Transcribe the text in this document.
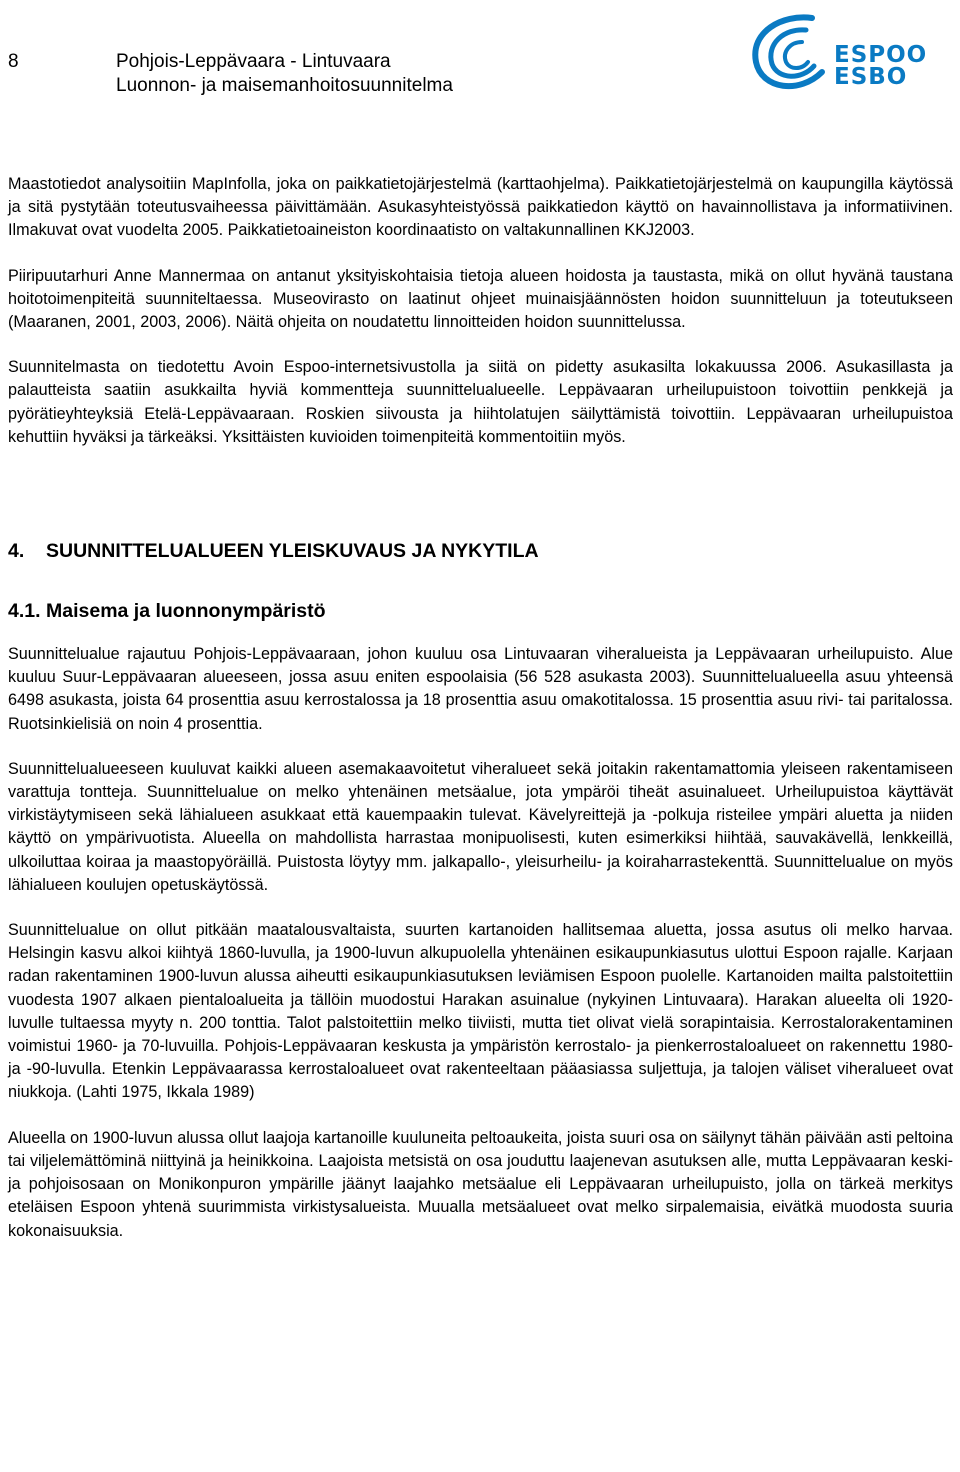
8	Pohjois-Leppävaara - Lintuvaara
Luonnon- ja maisemanhoitosuunnitelma
ESPOO
ESBO

Maastotiedot analysoitiin MapInfolla, joka on paikkatietojärjestelmä (karttaohjelma). Paikkatietojärjestelmä on kaupungilla käytössä ja sitä pystytään toteutusvaiheessa päivittämään. Asukasyhteistyössä paikkatiedon käyttö on havainnollistava ja informatiivinen. Ilmakuvat ovat vuodelta 2005. Paikkatietoaineiston koordinaatisto on valtakunnallinen KKJ2003.

Piiripuutarhuri Anne Mannermaa on antanut yksityiskohtaisia tietoja alueen hoidosta ja taustasta, mikä on ollut hyvänä taustana hoitotoimenpiteitä suunniteltaessa. Museovirasto on laatinut ohjeet muinaisjäännösten hoidon suunnitteluun ja toteutukseen (Maaranen, 2001, 2003, 2006). Näitä ohjeita on noudatettu linnoitteiden hoidon suunnittelussa.

Suunnitelmasta on tiedotettu Avoin Espoo-internetsivustolla ja siitä on pidetty asukasilta lokakuussa 2006. Asukasillasta ja palautteista saatiin asukkailta hyviä kommentteja suunnittelualueelle. Leppävaaran urheilupuistoon toivottiin penkkejä ja pyörätieyhteyksiä Etelä-Leppävaaraan. Roskien siivousta ja hiihtolatujen säilyttämistä toivottiin. Leppävaaran urheilupuistoa kehuttiin hyväksi ja tärkeäksi. Yksittäisten kuvioiden toimenpiteitä kommentoitiin myös.

4. SUUNNITTELUALUEEN YLEISKUVAUS JA NYKYTILA
4.1. Maisema ja luonnonympäristö

Suunnittelualue rajautuu Pohjois-Leppävaaraan, johon kuuluu osa Lintuvaaran viheralueista ja Leppävaaran urheilupuisto. Alue kuuluu Suur-Leppävaaran alueeseen, jossa asuu eniten espoolaisia (56 528 asukasta 2003). Suunnittelualueella asuu yhteensä 6498 asukasta, joista 64 prosenttia asuu kerrostalossa ja 18 prosenttia asuu omakotitalossa. 15 prosenttia asuu rivi- tai paritalossa. Ruotsinkielisiä on noin 4 prosenttia.

Suunnittelualueeseen kuuluvat kaikki alueen asemakaavoitetut viheralueet sekä joitakin rakentamattomia yleiseen rakentamiseen varattuja tontteja. Suunnittelualue on melko yhtenäinen metsäalue, jota ympäröi tiheät asuinalueet. Urheilupuistoa käyttävät virkistäytymiseen sekä lähialueen asukkaat että kauempaakin tulevat. Kävelyreittejä ja -polkuja risteilee ympäri aluetta ja niiden käyttö on ympärivuotista. Alueella on mahdollista harrastaa monipuolisesti, kuten esimerkiksi hiihtää, sauvakävellä, lenkkeillä, ulkoiluttaa koiraa ja maastopyöräillä. Puistosta löytyy mm. jalkapallo-, yleisurheilu- ja koiraharrastekenttä. Suunnittelualue on myös lähialueen koulujen opetuskäytössä.

Suunnittelualue on ollut pitkään maatalousvaltaista, suurten kartanoiden hallitsemaa aluetta, jossa asutus oli melko harvaa. Helsingin kasvu alkoi kiihtyä 1860-luvulla, ja 1900-luvun alkupuolella yhtenäinen esikaupunkiasutus ulottui Espoon rajalle. Karjaan radan rakentaminen 1900-luvun alussa aiheutti esikaupunkiasutuksen leviämisen Espoon puolelle. Kartanoiden mailta palstoitettiin vuodesta 1907 alkaen pientaloalueita ja tällöin muodostui Harakan asuinalue (nykyinen Lintuvaara). Harakan alueelta oli 1920-luvulle tultaessa myyty n. 200 tonttia. Talot palstoitettiin melko tiiviisti, mutta tiet olivat vielä sorapintaisia. Kerrostalorakentaminen voimistui 1960- ja 70-luvuilla. Pohjois-Leppävaaran keskusta ja ympäristön kerrostalo- ja pienkerrostaloalueet on rakennettu 1980- ja -90-luvulla. Etenkin Leppävaarassa kerrostaloalueet ovat rakenteeltaan pääasiassa suljettuja, ja talojen väliset viheralueet ovat niukkoja. (Lahti 1975, Ikkala 1989)

Alueella on 1900-luvun alussa ollut laajoja kartanoille kuuluneita peltoaukeita, joista suuri osa on säilynyt tähän päivään asti peltoina tai viljelemättöminä niittyinä ja heinikkoina. Laajoista metsistä on osa jouduttu laajenevan asutuksen alle, mutta Leppävaaran keski- ja pohjoisosaan on Monikonpuron ympärille jäänyt laajahko metsäalue eli Leppävaaran urheilupuisto, jolla on tärkeä merkitys eteläisen Espoon yhtenä suurimmista virkistysalueista. Muualla metsäalueet ovat melko sirpalemaisia, eivätkä muodosta suuria kokonaisuuksia.
